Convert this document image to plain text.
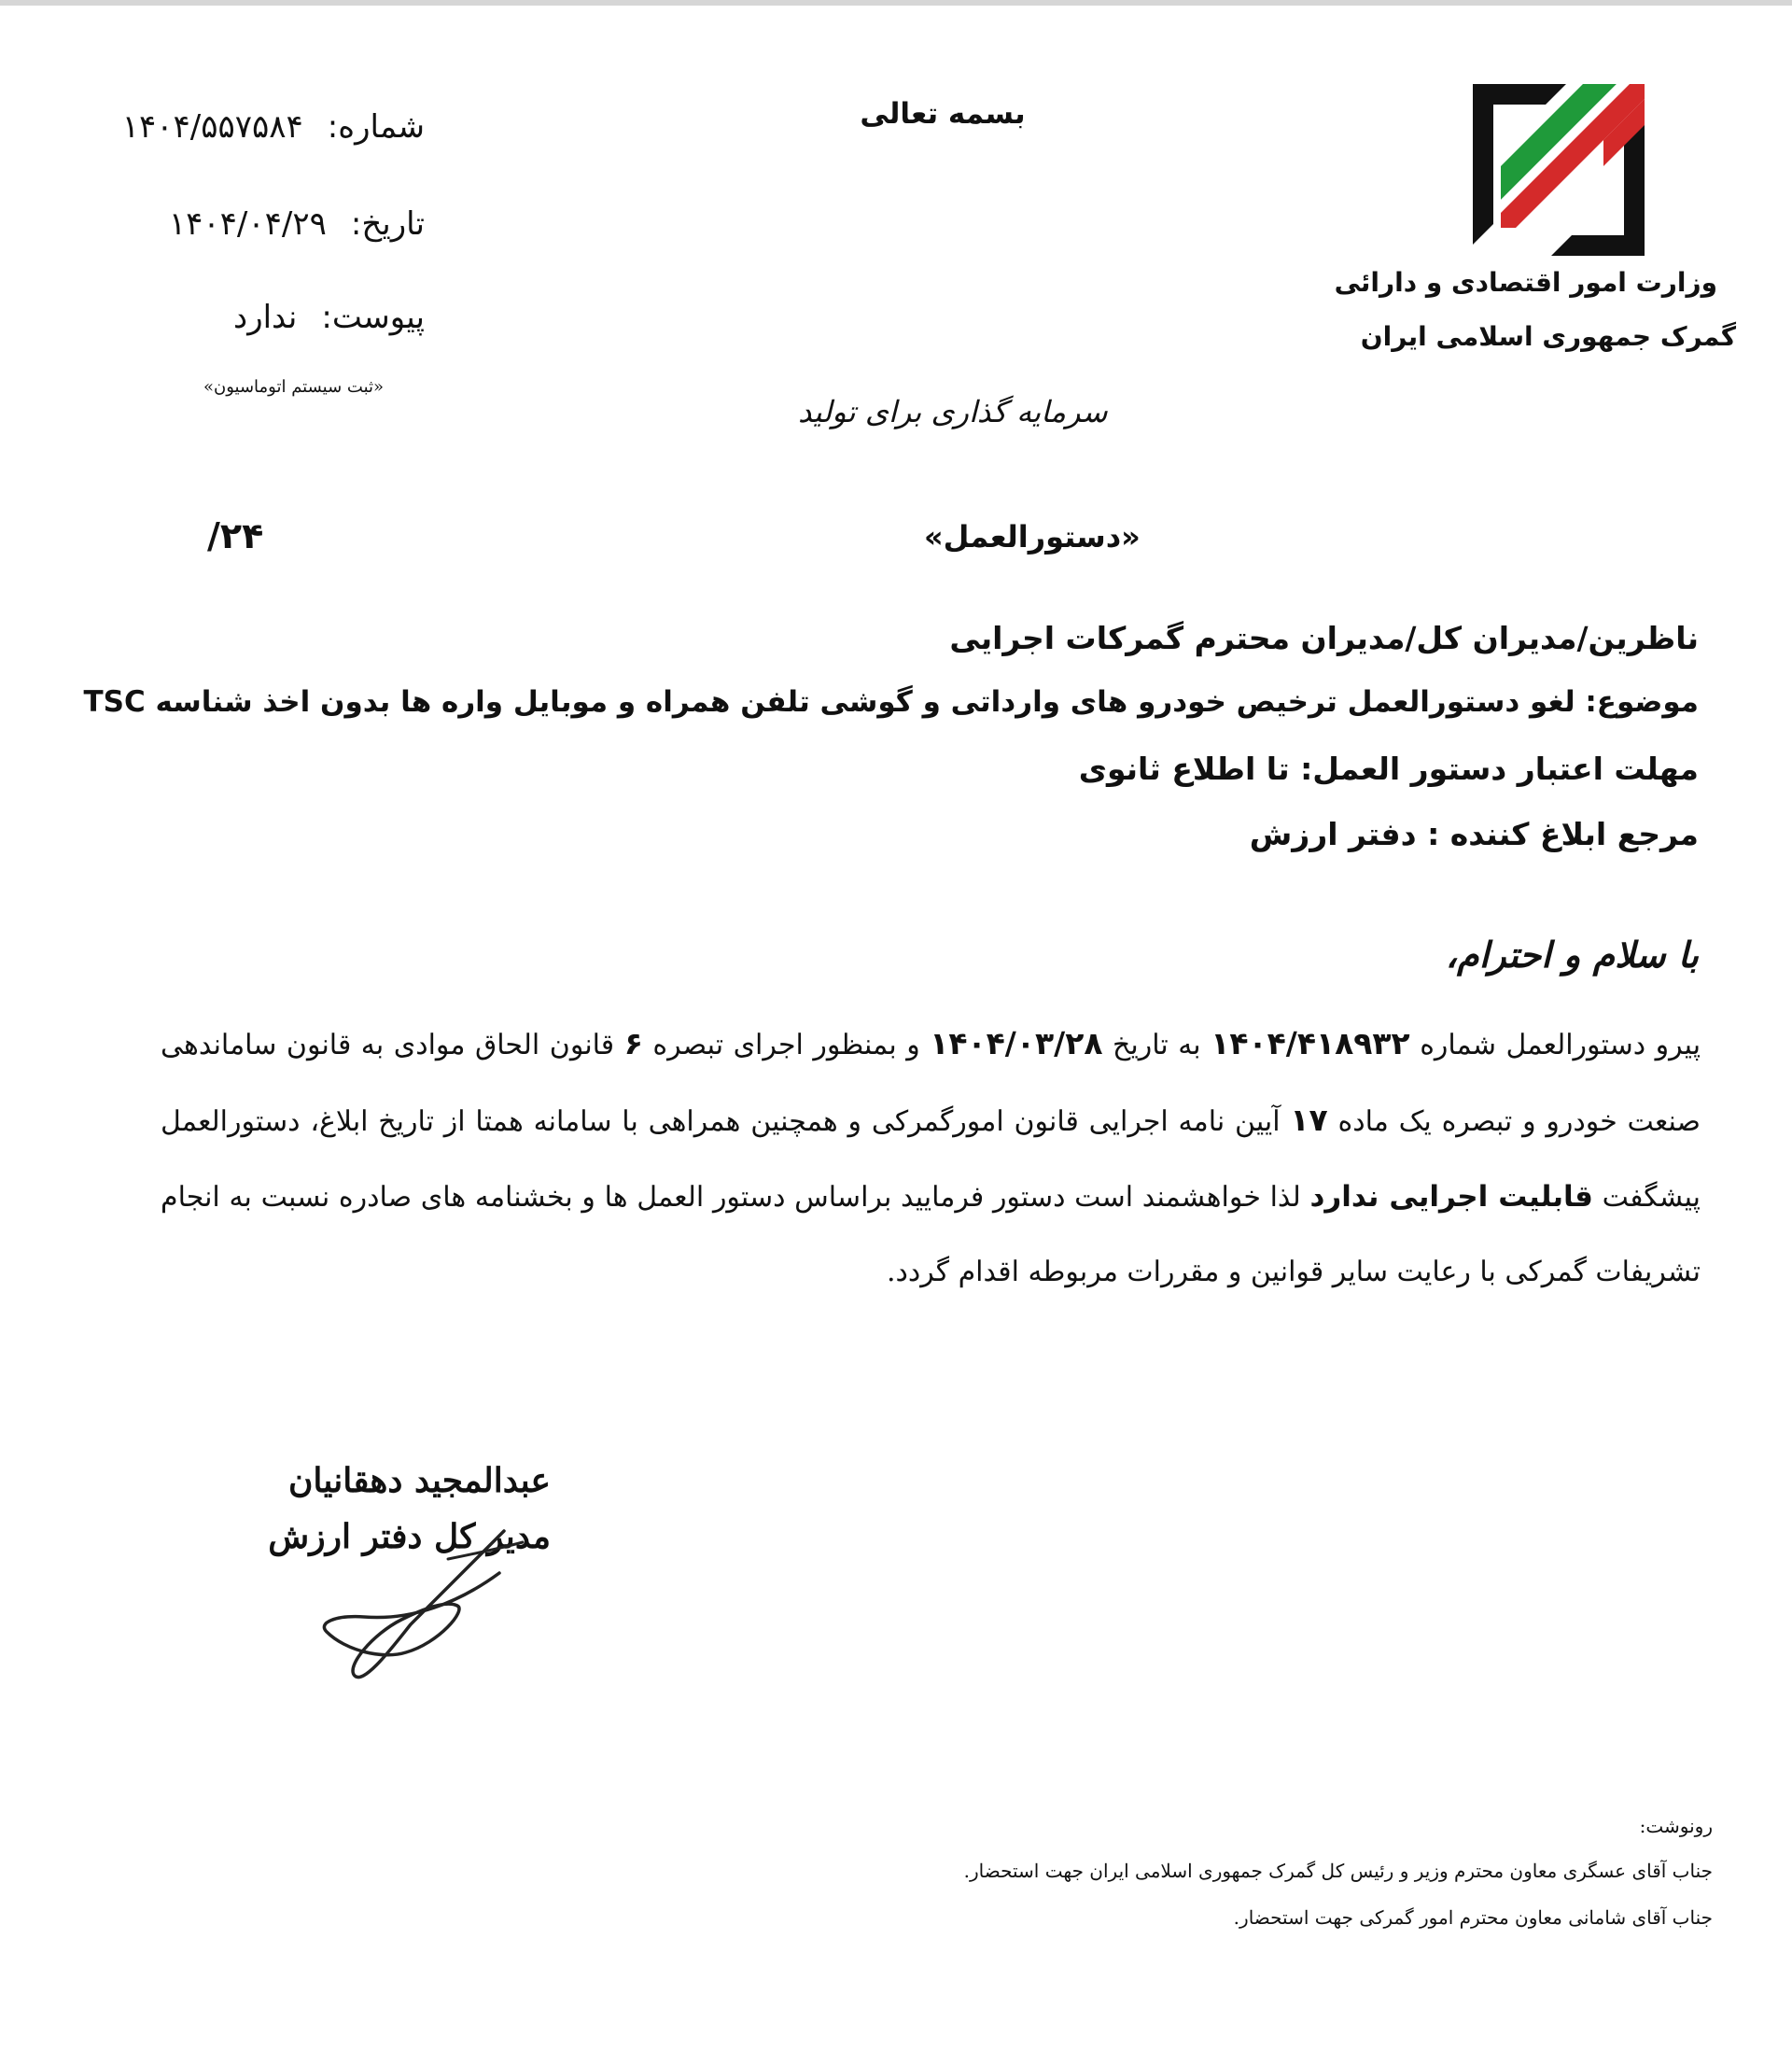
وزارت امور اقتصادی و دارائی
گمرک جمهوری اسلامی ایران
بسمه تعالی
شماره:
۱۴۰۴/۵۵۷۵۸۴
تاریخ:
۱۴۰۴/۰۴/۲۹
پیوست:
ندارد
«ثبت سیستم اتوماسیون»
سرمایه گذاری برای تولید
«دستورالعمل»
۲۴/
ناظرین/مدیران کل/مدیران محترم گمرکات اجرایی
موضوع: لغو دستورالعمل ترخیص خودرو های وارداتی و گوشی تلفن همراه و موبایل واره ها بدون اخذ شناسه TSC
مهلت اعتبار دستور العمل: تا اطلاع ثانوی
مرجع ابلاغ کننده : دفتر ارزش
با سلام و احترام،
پیرو دستورالعمل شماره ۱۴۰۴/۴۱۸۹۳۲ به تاریخ ۱۴۰۴/۰۳/۲۸ و بمنظور اجرای تبصره ۶ قانون الحاق موادی به قانون ساماندهی صنعت خودرو و تبصره یک ماده ۱۷ آیین نامه اجرایی قانون امورگمرکی و همچنین همراهی با سامانه همتا از تاریخ ابلاغ، دستورالعمل پیشگفت قابلیت اجرایی ندارد لذا خواهشمند است دستور فرمایید براساس دستور العمل ها و بخشنامه های صادره نسبت به انجام تشریفات گمرکی با رعایت سایر قوانین و مقررات مربوطه اقدام گردد.
عبدالمجید دهقانیان
مدیر کل دفتر ارزش
رونوشت:
جناب آقای عسگری معاون محترم وزیر و رئیس کل گمرک جمهوری اسلامی ایران جهت استحضار.
جناب آقای شامانی معاون محترم امور گمرکی جهت استحضار.
